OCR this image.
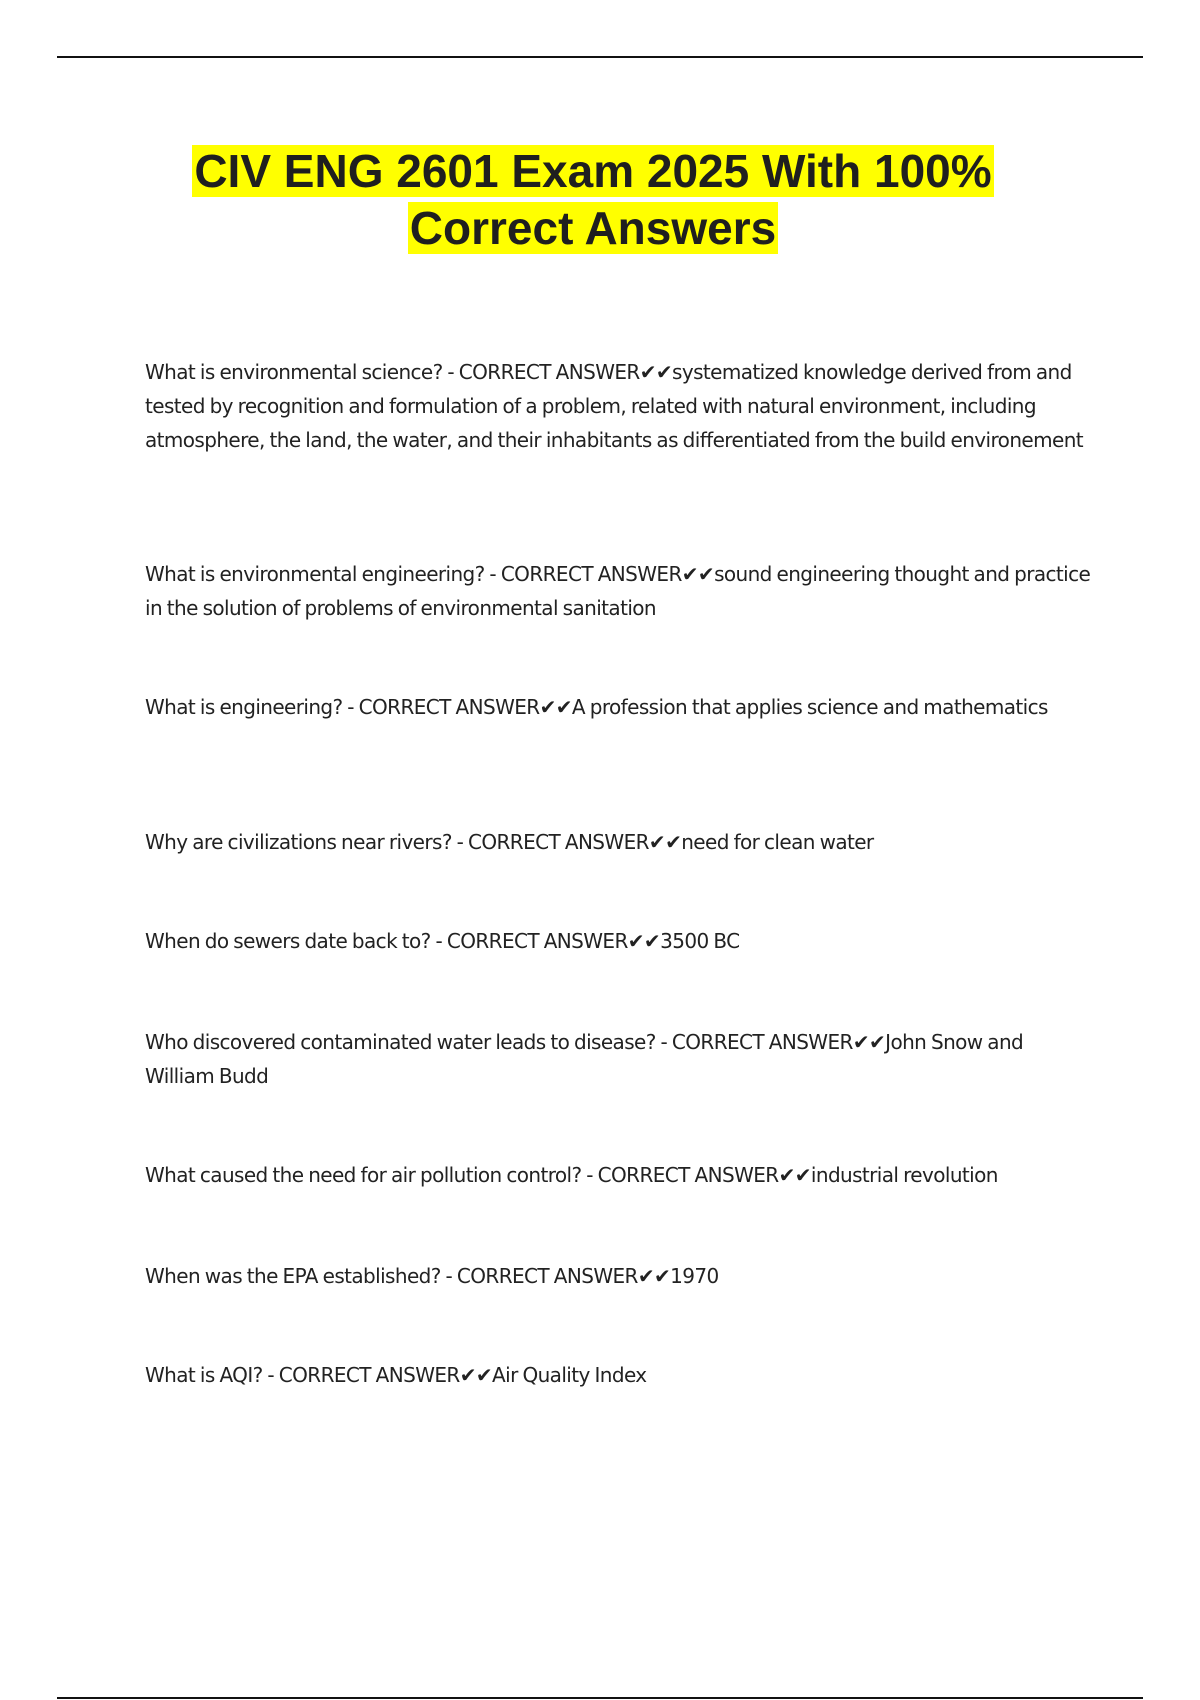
CIV ENG 2601 Exam 2025 With 100%
Correct Answers

What is environmental science? - CORRECT ANSWER✔✔systematized knowledge derived from and tested by recognition and formulation of a problem, related with natural environment, including atmosphere, the land, the water, and their inhabitants as differentiated from the build environement

What is environmental engineering? - CORRECT ANSWER✔✔sound engineering thought and practice in the solution of problems of environmental sanitation

What is engineering? - CORRECT ANSWER✔✔A profession that applies science and mathematics

Why are civilizations near rivers? - CORRECT ANSWER✔✔need for clean water

When do sewers date back to? - CORRECT ANSWER✔✔3500 BC

Who discovered contaminated water leads to disease? - CORRECT ANSWER✔✔John Snow and William Budd

What caused the need for air pollution control? - CORRECT ANSWER✔✔industrial revolution

When was the EPA established? - CORRECT ANSWER✔✔1970

What is AQI? - CORRECT ANSWER✔✔Air Quality Index
